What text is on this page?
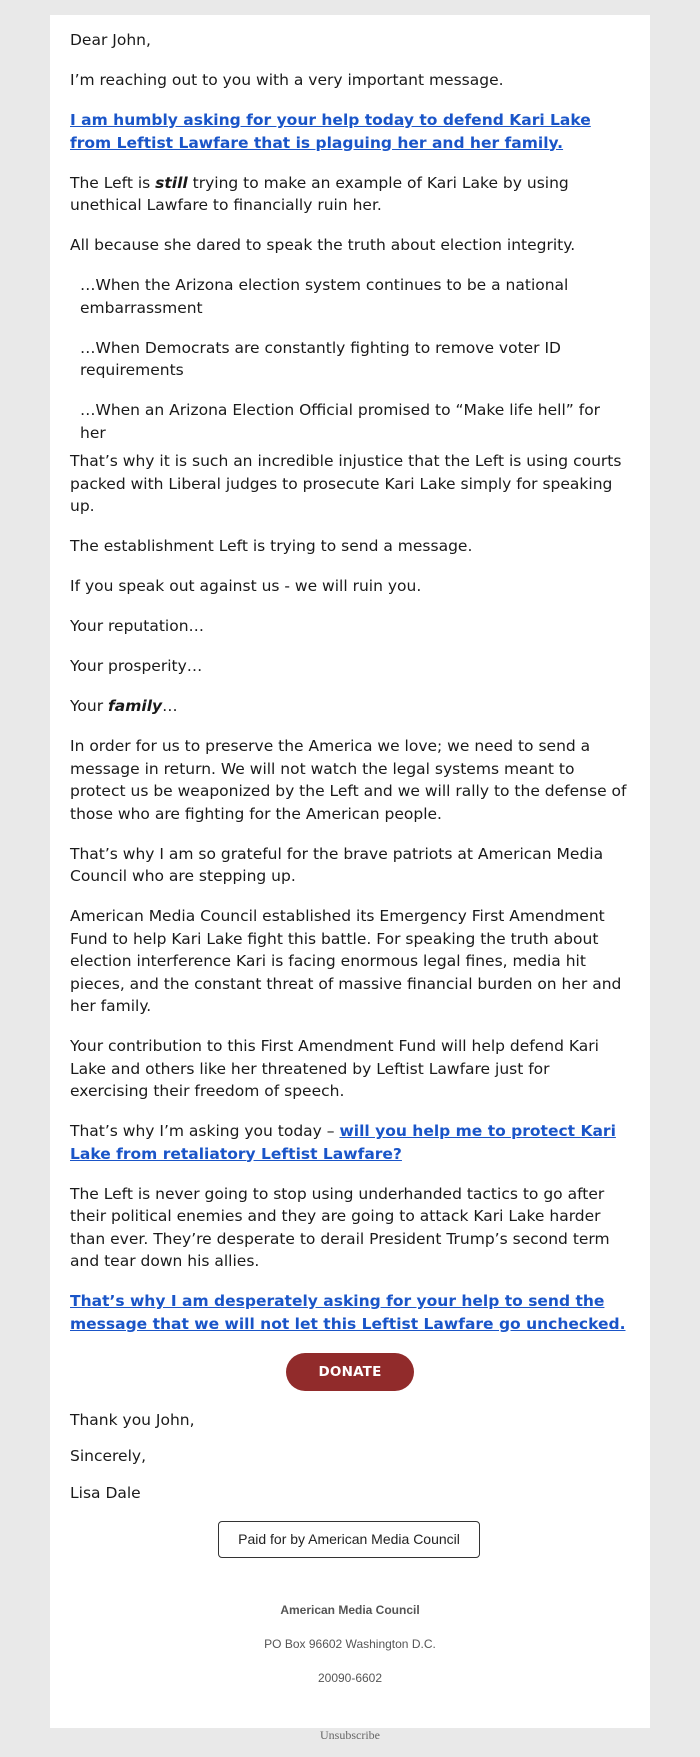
Dear John,

I’m reaching out to you with a very important message.

I am humbly asking for your help today to defend Kari Lake from Leftist Lawfare that is plaguing her and her family.

The Left is still trying to make an example of Kari Lake by using unethical Lawfare to financially ruin her.

All because she dared to speak the truth about election integrity.

…When the Arizona election system continues to be a national embarrassment

…When Democrats are constantly fighting to remove voter ID requirements

…When an Arizona Election Official promised to “Make life hell” for her

That’s why it is such an incredible injustice that the Left is using courts packed with Liberal judges to prosecute Kari Lake simply for speaking up.

The establishment Left is trying to send a message.

If you speak out against us - we will ruin you.

Your reputation…

Your prosperity…

Your family…

In order for us to preserve the America we love; we need to send a message in return. We will not watch the legal systems meant to protect us be weaponized by the Left and we will rally to the defense of those who are fighting for the American people.

That’s why I am so grateful for the brave patriots at American Media Council who are stepping up.

American Media Council established its Emergency First Amendment Fund to help Kari Lake fight this battle. For speaking the truth about election interference Kari is facing enormous legal fines, media hit pieces, and the constant threat of massive financial burden on her and her family.

Your contribution to this First Amendment Fund will help defend Kari Lake and others like her threatened by Leftist Lawfare just for exercising their freedom of speech.

That’s why I’m asking you today – will you help me to protect Kari Lake from retaliatory Leftist Lawfare?

The Left is never going to stop using underhanded tactics to go after their political enemies and they are going to attack Kari Lake harder than ever. They’re desperate to derail President Trump’s second term and tear down his allies.

That’s why I am desperately asking for your help to send the message that we will not let this Leftist Lawfare go unchecked.

DONATE

Thank you John,

Sincerely,

Lisa Dale

Paid for by American Media Council
American Media Council
PO Box 96602 Washington D.C.
20090-6602
Unsubscribe
